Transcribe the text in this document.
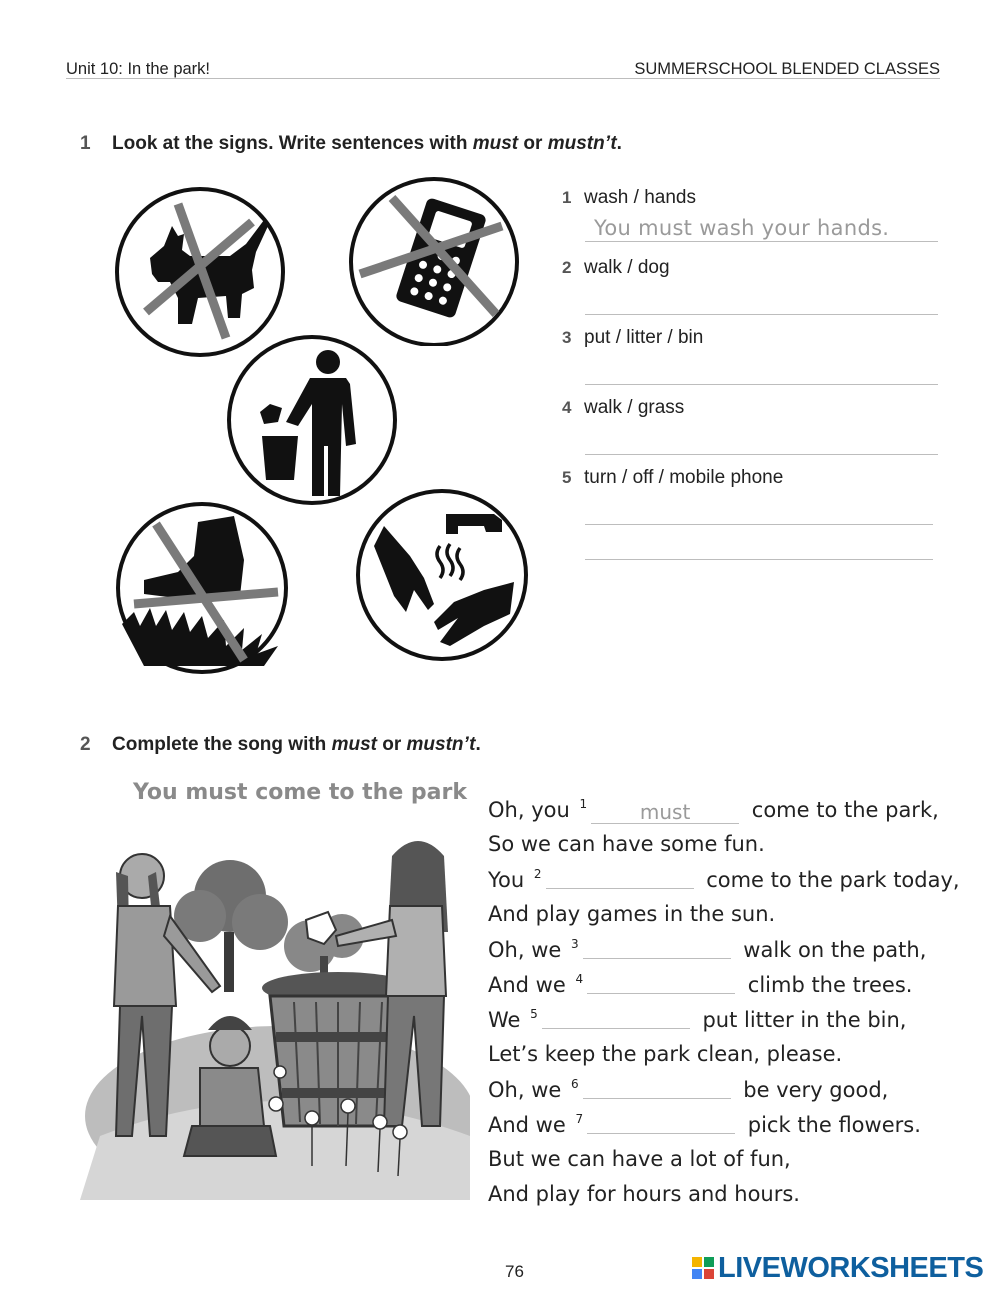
Unit 10: In the park!	SUMMERSCHOOL BLENDED CLASSES
1 Look at the signs. Write sentences with must or mustn’t.
1 wash / hands
You must wash your hands.
2 walk / dog
3 put / litter / bin
4 walk / grass
5 turn / off / mobile phone
2 Complete the song with must or mustn’t.
You must come to the park
Oh, you $^1$	must	come to the park,
So we can have some fun.
You $^2$	come to the park today,
And play games in the sun.
Oh, we $^3$	walk on the path,
And we $^4$	climb the trees.
We $^5$	put litter in the bin,
Let’s keep the park clean, please.
Oh, we $^6$	be very good,
And we $^7$	pick the flowers.
But we can have a lot of fun,
And play for hours and hours.
76	LIVEWORKSHEETS
